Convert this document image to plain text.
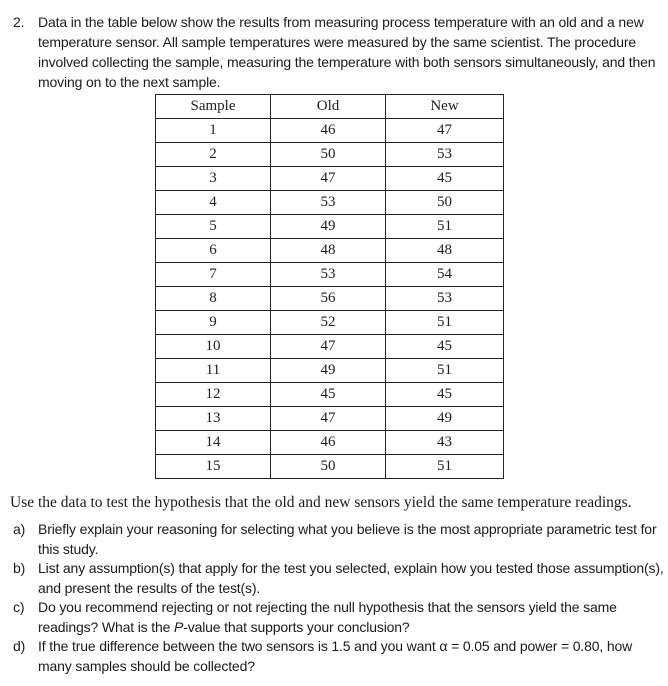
2. Data in the table below show the results from measuring process temperature with an old and a new
temperature sensor. All sample temperatures were measured by the same scientist. The procedure
involved collecting the sample, measuring the temperature with both sensors simultaneously, and then
moving on to the next sample.
Sample	Old	New
1	46	47
2	50	53
3	47	45
4	53	50
5	49	51
6	48	48
7	53	54
8	56	53
9	52	51
10	47	45
11	49	51
12	45	45
13	47	49
14	46	43
15	50	51
Use the data to test the hypothesis that the old and new sensors yield the same temperature readings.
a) Briefly explain your reasoning for selecting what you believe is the most appropriate parametric test for
this study.
b) List any assumption(s) that apply for the test you selected, explain how you tested those assumption(s),
and present the results of the test(s).
c) Do you recommend rejecting or not rejecting the null hypothesis that the sensors yield the same
readings? What is the P-value that supports your conclusion?
d) If the true difference between the two sensors is 1.5 and you want α = 0.05 and power = 0.80, how
many samples should be collected?
